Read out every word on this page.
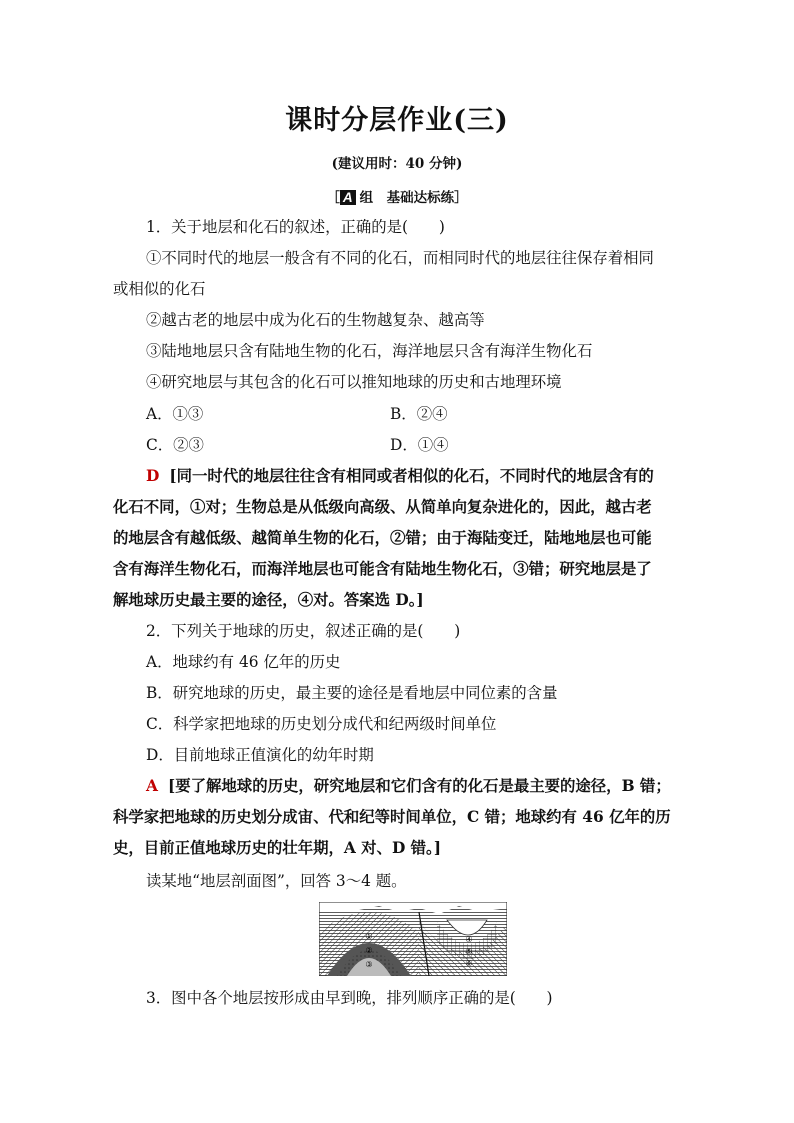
课时分层作业(三)
(建议用时：40 分钟)
［ A 组　基础达标练］
1．关于地层和化石的叙述，正确的是(　　)
①不同时代的地层一般含有不同的化石，而相同时代的地层往往保存着相同
或相似的化石
②越古老的地层中成为化石的生物越复杂、越高等
③陆地地层只含有陆地生物的化石，海洋地层只含有海洋生物化石
④研究地层与其包含的化石可以推知地球的历史和古地理环境
A．①③	B．②④
C．②③	D．①④
D [同一时代的地层往往含有相同或者相似的化石，不同时代的地层含有的
化石不同，①对；生物总是从低级向高级、从简单向复杂进化的，因此，越古老
的地层含有越低级、越简单生物的化石，②错；由于海陆变迁，陆地地层也可能
含有海洋生物化石，而海洋地层也可能含有陆地生物化石，③错；研究地层是了
解地球历史最主要的途径，④对。答案选 D。]
2．下列关于地球的历史，叙述正确的是(　　)
A．地球约有 46 亿年的历史
B．研究地球的历史，最主要的途径是看地层中同位素的含量
C．科学家把地球的历史划分成代和纪两级时间单位
D．目前地球正值演化的幼年时期
A [要了解地球的历史，研究地层和它们含有的化石是最主要的途径，B 错；
科学家把地球的历史划分成宙、代和纪等时间单位，C 错；地球约有 46 亿年的历
史，目前正值地球历史的壮年期，A 对、D 错。]
读某地“地层剖面图”，回答 3～4 题。
①
②
③
④
⑤
⑥
3．图中各个地层按形成由早到晚，排列顺序正确的是(　　)
